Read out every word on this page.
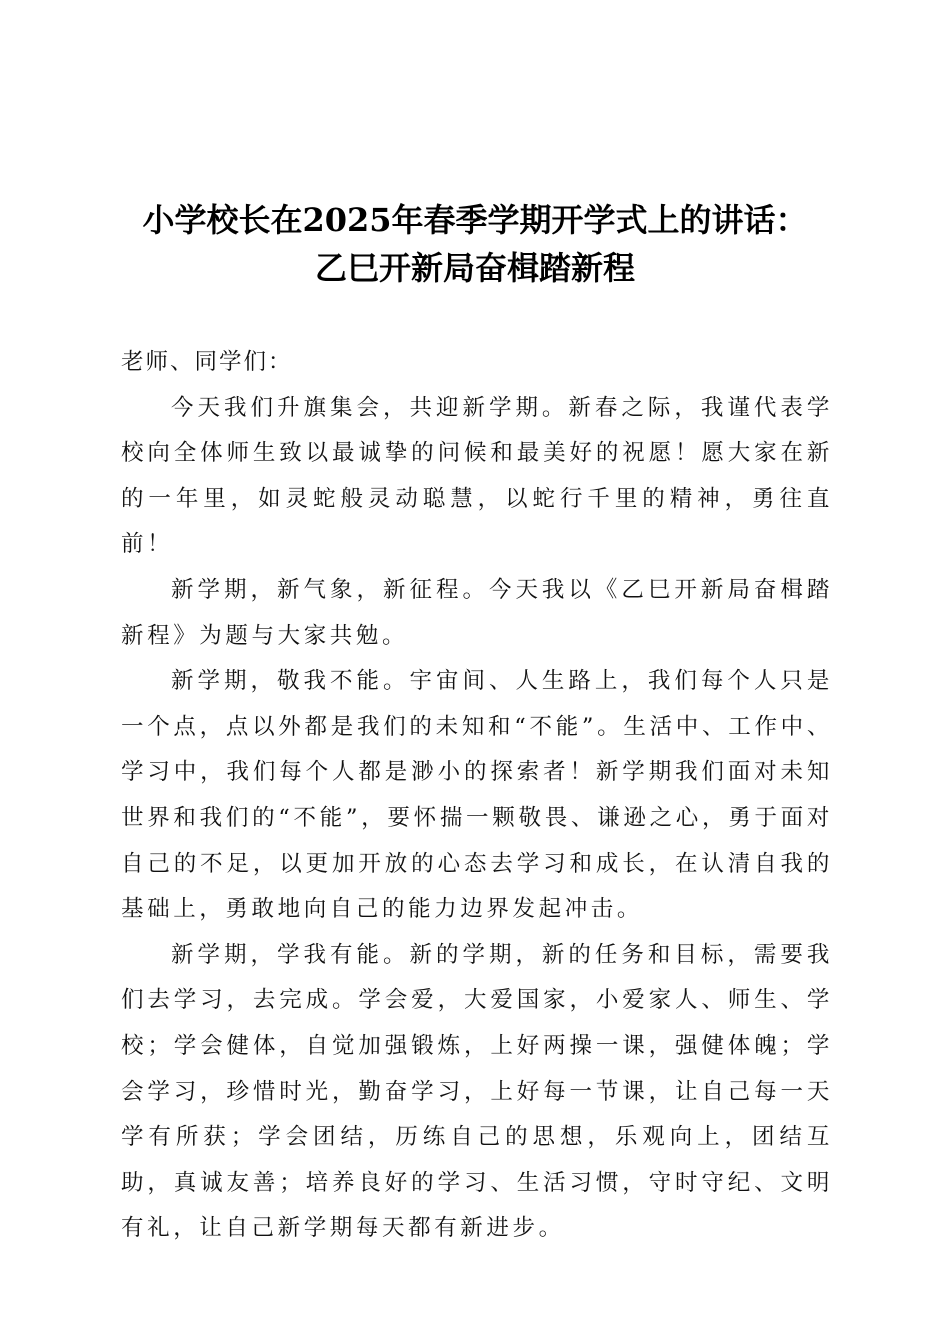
小学校长在2025年春季学期开学式上的讲话：
乙巳开新局奋楫踏新程

老师、同学们：

今天我们升旗集会，共迎新学期。新春之际，我谨代表学校向全体师生致以最诚挚的问候和最美好的祝愿！愿大家在新的一年里，如灵蛇般灵动聪慧，以蛇行千里的精神，勇往直前！

新学期，新气象，新征程。今天我以《乙巳开新局奋楫踏新程》为题与大家共勉。

新学期，敬我不能。宇宙间、人生路上，我们每个人只是一个点，点以外都是我们的未知和“不能”。生活中、工作中、学习中，我们每个人都是渺小的探索者！新学期我们面对未知世界和我们的“不能”，要怀揣一颗敬畏、谦逊之心，勇于面对自己的不足，以更加开放的心态去学习和成长，在认清自我的基础上，勇敢地向自己的能力边界发起冲击。

新学期，学我有能。新的学期，新的任务和目标，需要我们去学习，去完成。学会爱，大爱国家，小爱家人、师生、学校；学会健体，自觉加强锻炼，上好两操一课，强健体魄；学会学习，珍惜时光，勤奋学习，上好每一节课，让自己每一天学有所获；学会团结，历练自己的思想，乐观向上，团结互助，真诚友善；培养良好的学习、生活习惯，守时守纪、文明有礼，让自己新学期每天都有新进步。
